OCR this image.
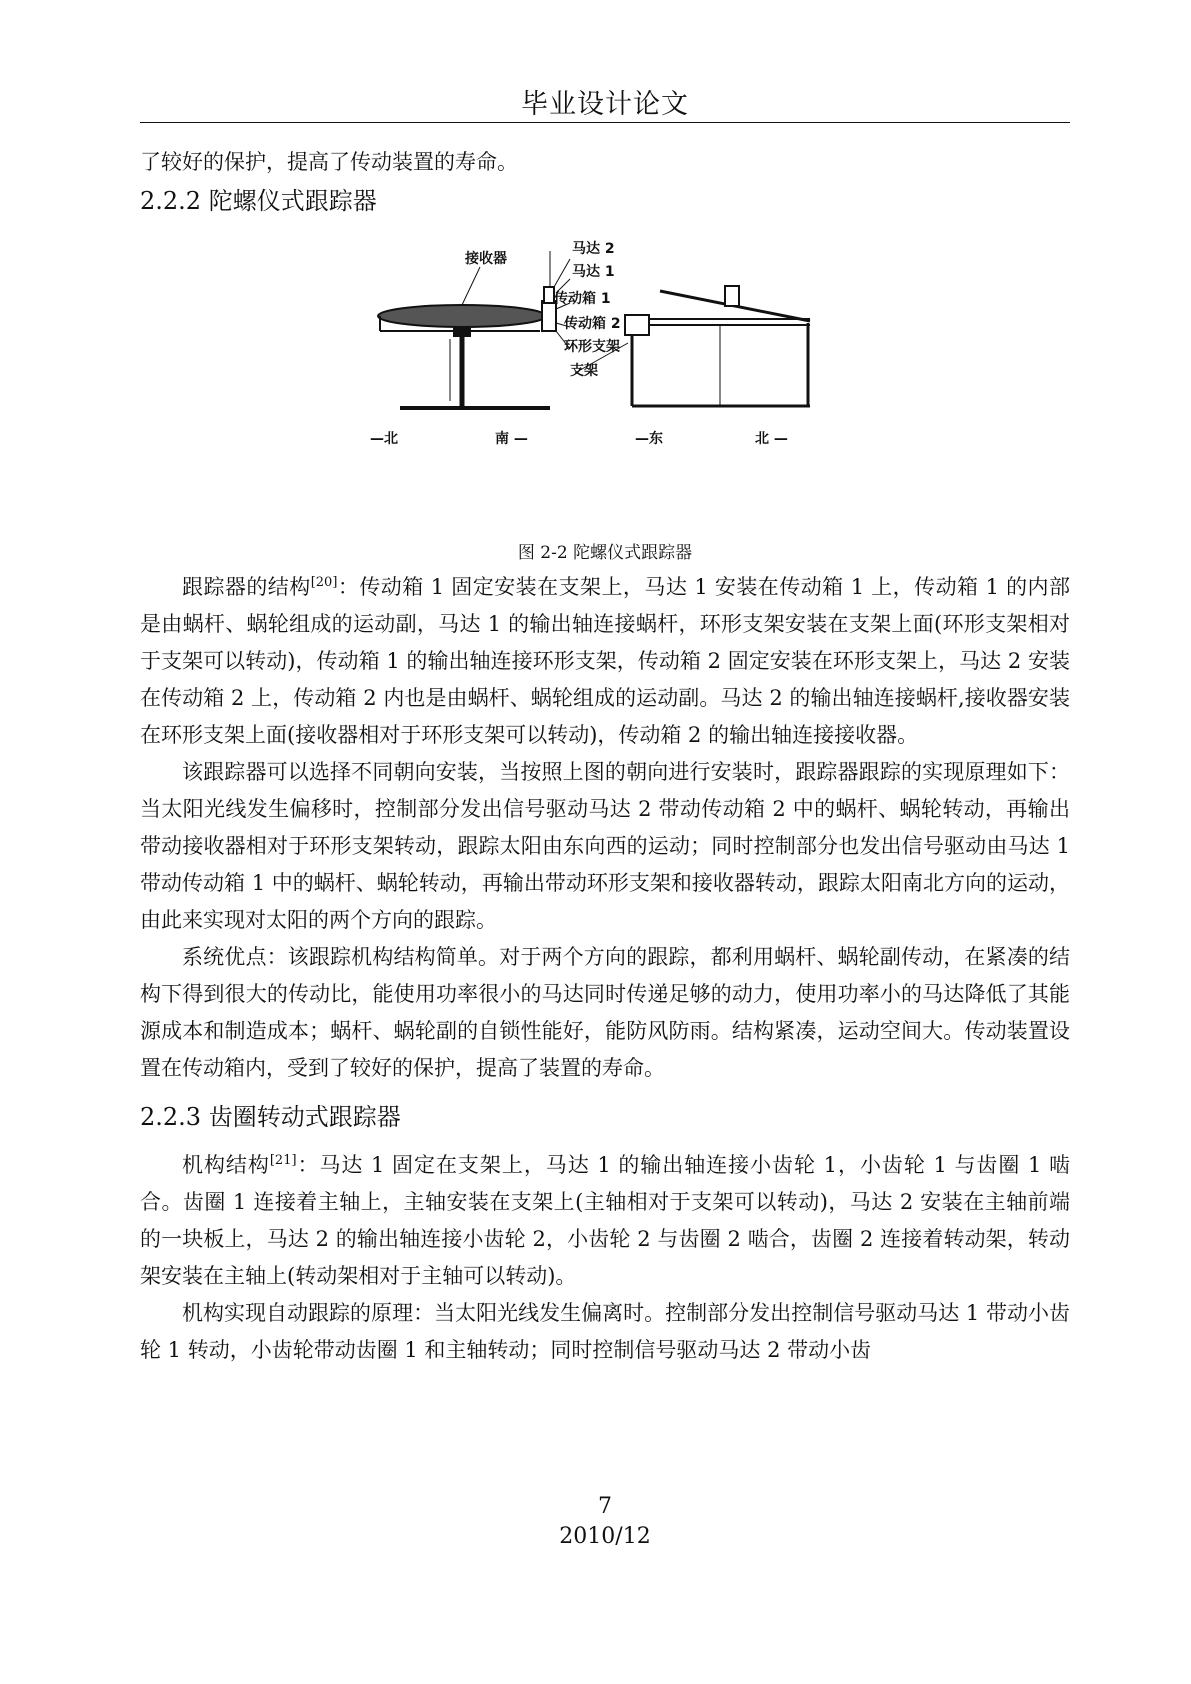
毕业设计论文

了较好的保护，提高了传动装置的寿命。

2.2.2 陀螺仪式跟踪器
接收器
马达 2
马达 1
传动箱 1
传动箱 2
环形支架
支架
—北	南 —	—东	北 —
图 2-2 陀螺仪式跟踪器

跟踪器的结构[20]：传动箱 1 固定安装在支架上，马达 1 安装在传动箱 1 上，传动箱 1 的内部是由蜗杆、蜗轮组成的运动副，马达 1 的输出轴连接蜗杆，环形支架安装在支架上面(环形支架相对于支架可以转动)，传动箱 1 的输出轴连接环形支架，传动箱 2 固定安装在环形支架上，马达 2 安装在传动箱 2 上，传动箱 2 内也是由蜗杆、蜗轮组成的运动副。马达 2 的输出轴连接蜗杆,接收器安装在环形支架上面(接收器相对于环形支架可以转动)，传动箱 2 的输出轴连接接收器。

该跟踪器可以选择不同朝向安装，当按照上图的朝向进行安装时，跟踪器跟踪的实现原理如下：当太阳光线发生偏移时，控制部分发出信号驱动马达 2 带动传动箱 2 中的蜗杆、蜗轮转动，再输出带动接收器相对于环形支架转动，跟踪太阳由东向西的运动；同时控制部分也发出信号驱动由马达 1 带动传动箱 1 中的蜗杆、蜗轮转动，再输出带动环形支架和接收器转动，跟踪太阳南北方向的运动，由此来实现对太阳的两个方向的跟踪。

系统优点：该跟踪机构结构简单。对于两个方向的跟踪，都利用蜗杆、蜗轮副传动，在紧凑的结构下得到很大的传动比，能使用功率很小的马达同时传递足够的动力，使用功率小的马达降低了其能源成本和制造成本；蜗杆、蜗轮副的自锁性能好，能防风防雨。结构紧凑，运动空间大。传动装置设置在传动箱内，受到了较好的保护，提高了装置的寿命。

2.2.3 齿圈转动式跟踪器

机构结构[21]：马达 1 固定在支架上，马达 1 的输出轴连接小齿轮 1，小齿轮 1 与齿圈 1 啮合。齿圈 1 连接着主轴上，主轴安装在支架上(主轴相对于支架可以转动)，马达 2 安装在主轴前端的一块板上，马达 2 的输出轴连接小齿轮 2，小齿轮 2 与齿圈 2 啮合，齿圈 2 连接着转动架，转动架安装在主轴上(转动架相对于主轴可以转动)。

机构实现自动跟踪的原理：当太阳光线发生偏离时。控制部分发出控制信号驱动马达 1 带动小齿轮 1 转动，小齿轮带动齿圈 1 和主轴转动；同时控制信号驱动马达 2 带动小齿

7
2010/12
